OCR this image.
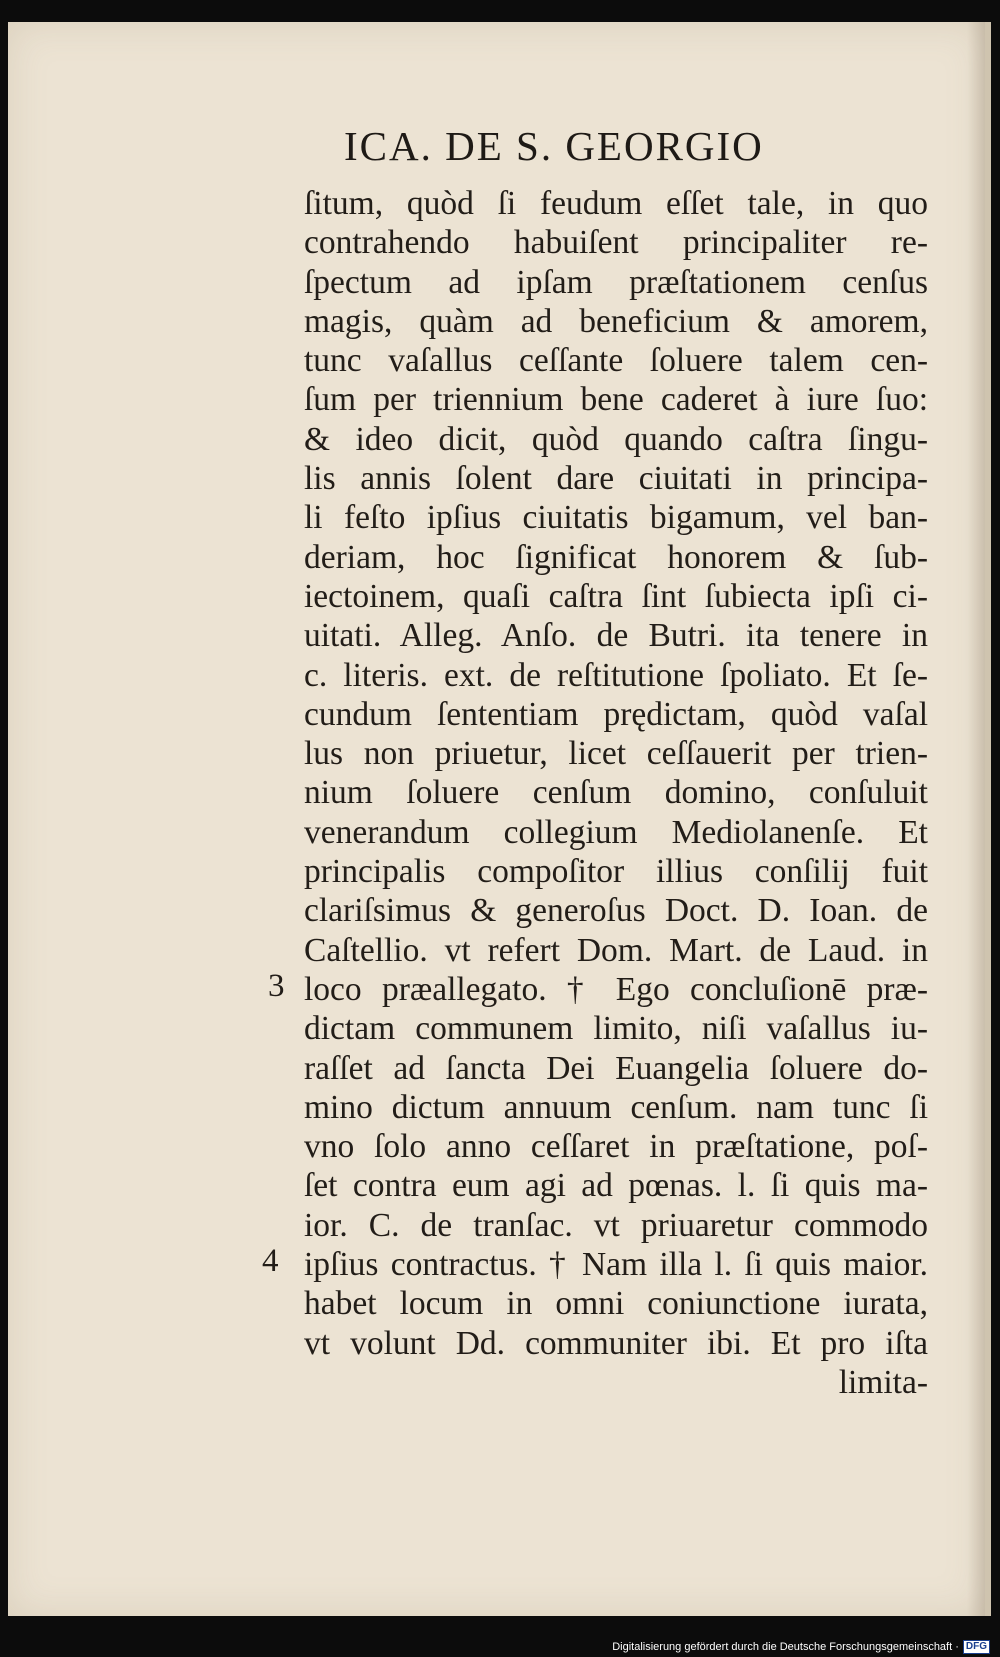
ICA. DE S. GEORGIO
ſitum, quòd ſi feudum eſſet tale, in quo
contrahendo habuiſent principaliter re-
ſpectum ad ipſam præſtationem cenſus
magis, quàm ad beneficium & amorem,
tunc vaſallus ceſſante ſoluere talem cen-
ſum per triennium bene caderet à iure ſuo:
& ideo dicit, quòd quando caſtra ſingu-
lis annis ſolent dare ciuitati in principa-
li feſto ipſius ciuitatis bigamum, vel ban-
deriam, hoc ſignificat honorem & ſub-
iectoinem, quaſi caſtra ſint ſubiecta ipſi ci-
uitati. Alleg. Anſo. de Butri. ita tenere in
c. literis. ext. de reſtitutione ſpoliato. Et ſe-
cundum ſententiam prędictam, quòd vaſal
lus non priuetur, licet ceſſauerit per trien-
nium ſoluere cenſum domino, conſuluit
venerandum collegium Mediolanenſe. Et
principalis compoſitor illius conſilij fuit
clariſsimus & generoſus Doct. D. Ioan. de
Caſtellio. vt refert Dom. Mart. de Laud. in
loco præallegato. † Ego concluſionē præ-
dictam communem limito, niſi vaſallus iu-
raſſet ad ſancta Dei Euangelia ſoluere do-
mino dictum annuum cenſum. nam tunc ſi
vno ſolo anno ceſſaret in præſtatione, poſ-
ſet contra eum agi ad pœnas. l. ſi quis ma-
ior. C. de tranſac. vt priuaretur commodo
ipſius contractus. † Nam illa l. ſi quis maior.
habet locum in omni coniunctione iurata,
vt volunt Dd. communiter ibi. Et pro iſta
limita-
3
4
Digitalisierung gefördert durch die Deutsche Forschungsgemeinschaft · DFG
